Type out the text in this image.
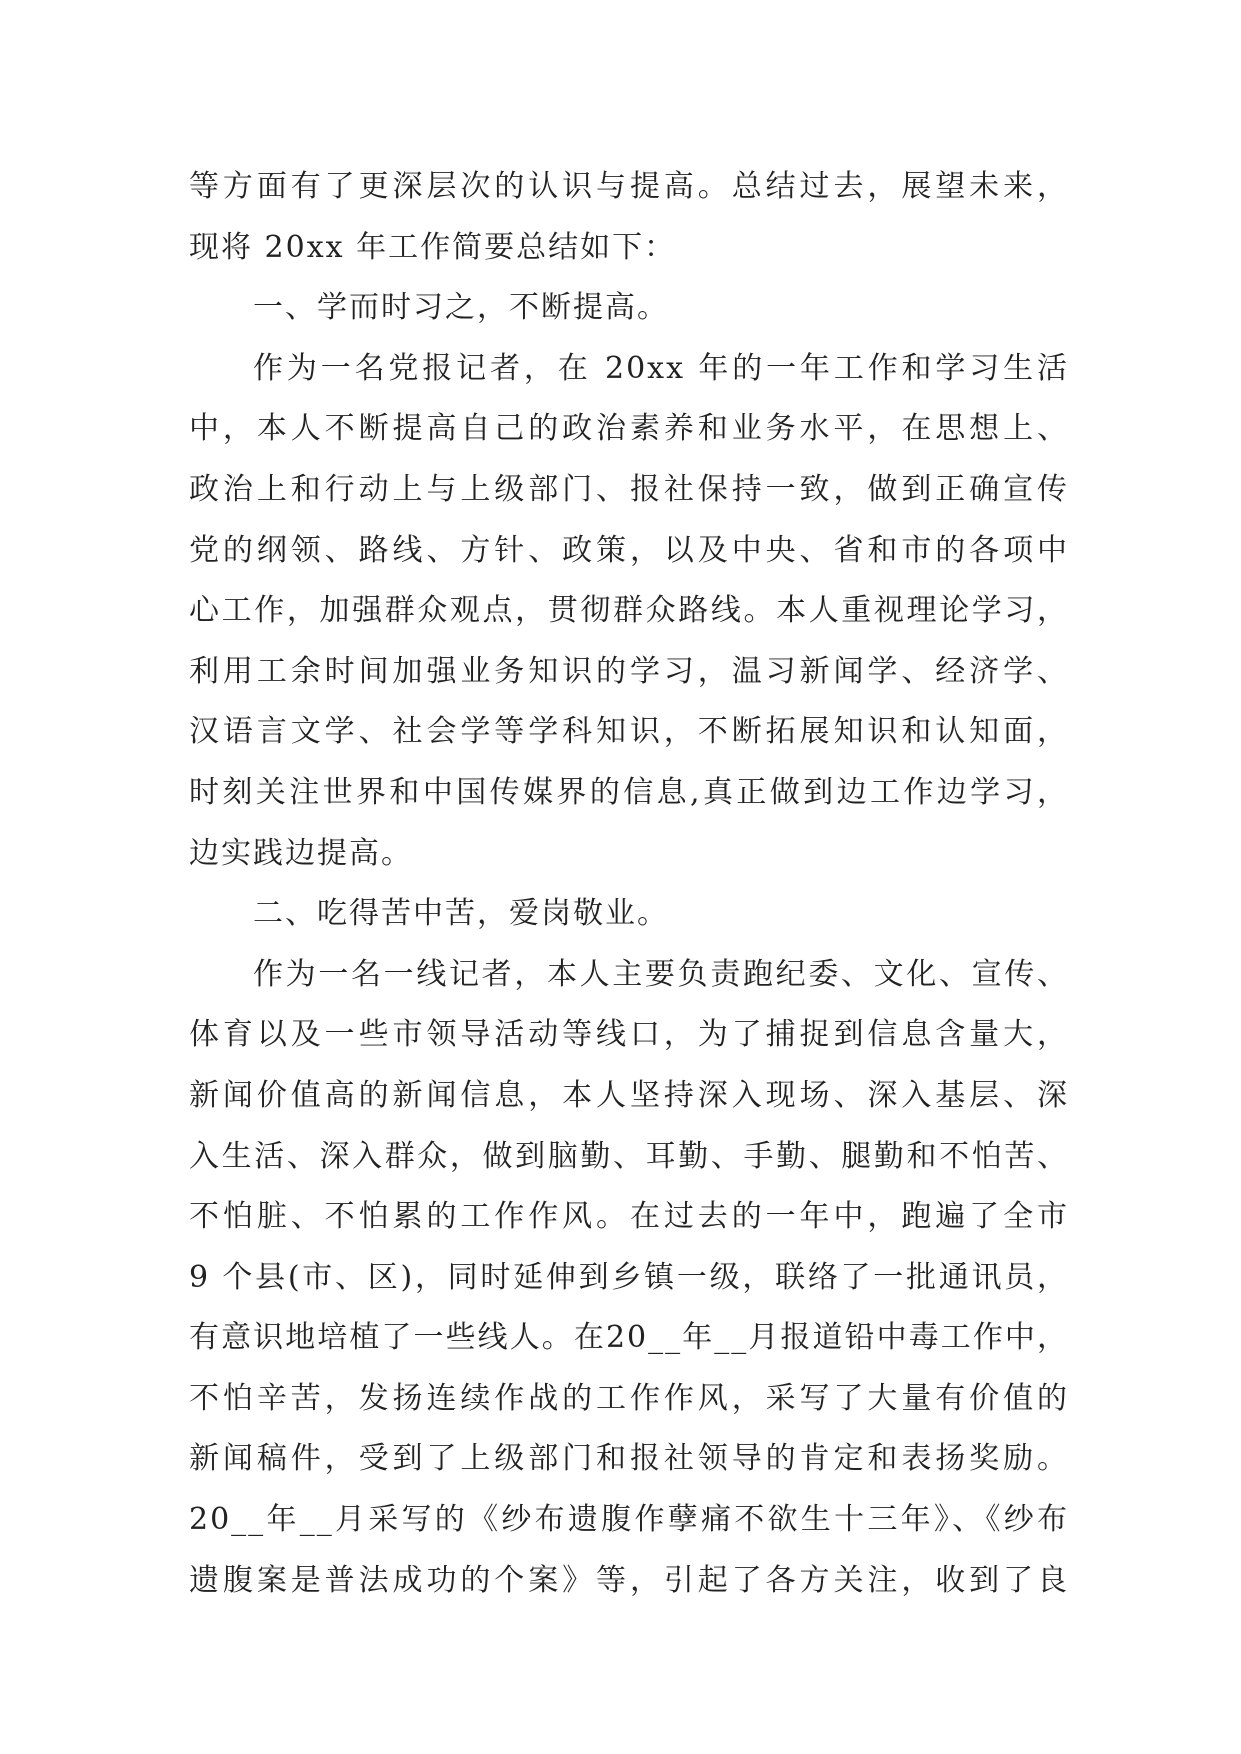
等方面有了更深层次的认识与提高。总结过去，展望未来，
现将 20xx 年工作简要总结如下：
一、学而时习之，不断提高。
作为一名党报记者，在 20xx 年的一年工作和学习生活
中，本人不断提高自己的政治素养和业务水平，在思想上、
政治上和行动上与上级部门、报社保持一致，做到正确宣传
党的纲领、路线、方针、政策，以及中央、省和市的各项中
心工作，加强群众观点，贯彻群众路线。本人重视理论学习，
利用工余时间加强业务知识的学习，温习新闻学、经济学、
汉语言文学、社会学等学科知识，不断拓展知识和认知面，
时刻关注世界和中国传媒界的信息,真正做到边工作边学习，
边实践边提高。
二、吃得苦中苦，爱岗敬业。
作为一名一线记者，本人主要负责跑纪委、文化、宣传、
体育以及一些市领导活动等线口，为了捕捉到信息含量大，
新闻价值高的新闻信息，本人坚持深入现场、深入基层、深
入生活、深入群众，做到脑勤、耳勤、手勤、腿勤和不怕苦、
不怕脏、不怕累的工作作风。在过去的一年中，跑遍了全市
9 个县(市、区)，同时延伸到乡镇一级，联络了一批通讯员，
有意识地培植了一些线人。在20__年__月报道铅中毒工作中，
不怕辛苦，发扬连续作战的工作作风，采写了大量有价值的
新闻稿件，受到了上级部门和报社领导的肯定和表扬奖励。
20__年__月采写的《纱布遗腹作孽痛不欲生十三年》、《纱布
遗腹案是普法成功的个案》等，引起了各方关注，收到了良
